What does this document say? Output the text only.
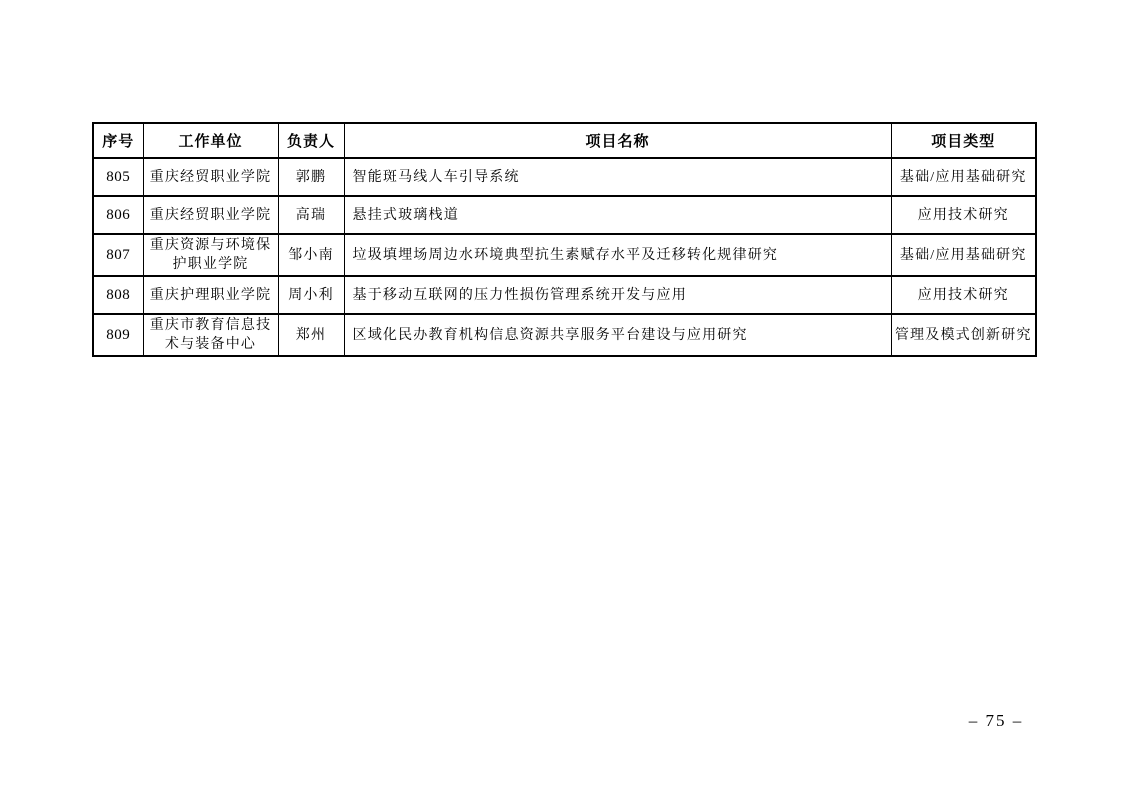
序号	工作单位	负责人	项目名称	项目类型
805	重庆经贸职业学院	郭鹏	智能斑马线人车引导系统	基础/应用基础研究
806	重庆经贸职业学院	高瑞	悬挂式玻璃栈道	应用技术研究
807	重庆资源与环境保护职业学院	邹小南	垃圾填埋场周边水环境典型抗生素赋存水平及迁移转化规律研究	基础/应用基础研究
808	重庆护理职业学院	周小利	基于移动互联网的压力性损伤管理系统开发与应用	应用技术研究
809	重庆市教育信息技术与装备中心	郑州	区域化民办教育机构信息资源共享服务平台建设与应用研究	管理及模式创新研究
– 75 –
